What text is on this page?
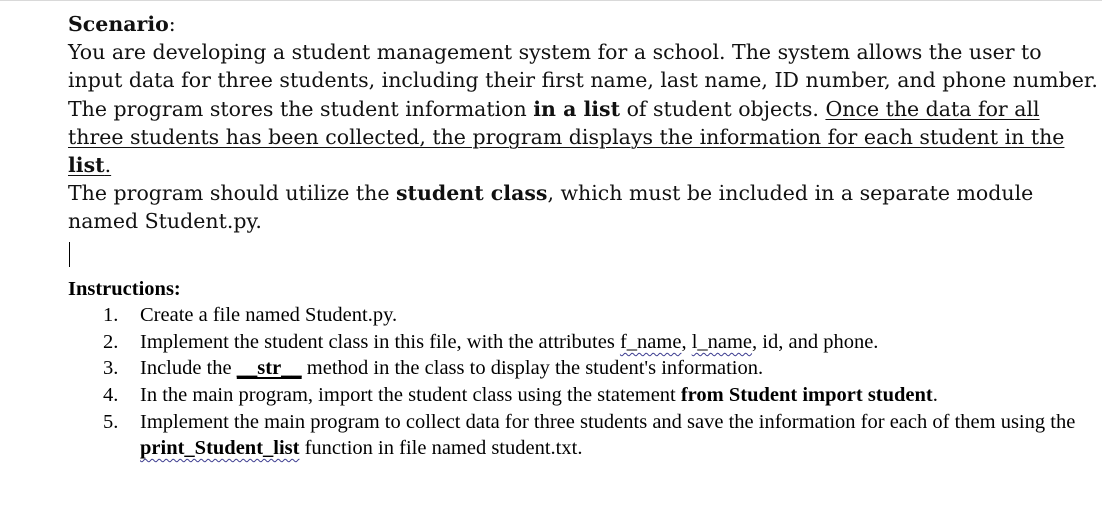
Scenario:

You are developing a student management system for a school. The system allows the user to input data for three students, including their first name, last name, ID number, and phone number. The program stores the student information in a list of student objects. Once the data for all three students has been collected, the program displays the information for each student in the list.

The program should utilize the student class, which must be included in a separate module named Student.py.

Instructions:

1.	Create a file named Student.py.
2.	Implement the student class in this file, with the attributes f_name, l_name, id, and phone.
3.	Include the __str__ method in the class to display the student's information.
4.	In the main program, import the student class using the statement from Student import student.
5.	Implement the main program to collect data for three students and save the information for each of them using the print_Student_list function in file named student.txt.
